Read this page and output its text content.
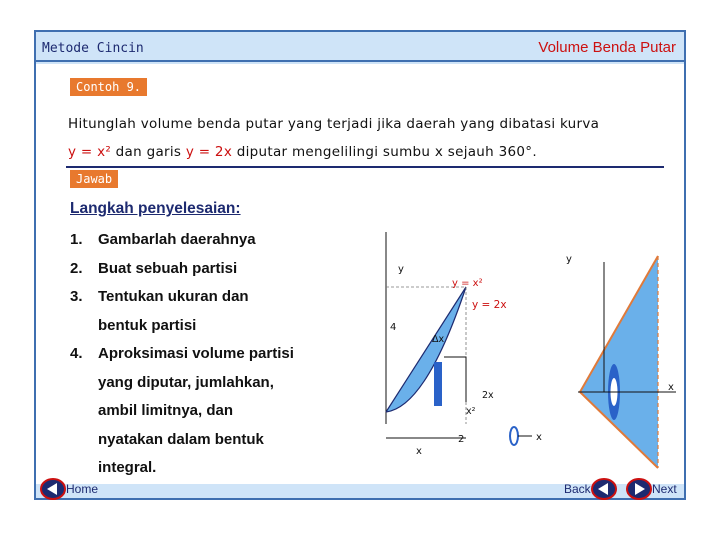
Metode Cincin	Volume Benda Putar
Contoh 9.
Hitunglah volume benda putar yang terjadi jika daerah yang dibatasi kurva
y = x² dan garis y = 2x diputar mengelilingi sumbu x sejauh 360°.
Jawab
Langkah penyelesaian:
1. Gambarlah daerahnya
2. Buat sebuah partisi
3. Tentukan ukuran dan
bentuk partisi
4. Aproksimasi volume partisi
yang diputar, jumlahkan,
ambil limitnya, dan
nyatakan dalam bentuk
integral.
y
y = x²
y = 2x
4
Δx
2x
x²
2
x
x
y
x
Home	Back	Next
